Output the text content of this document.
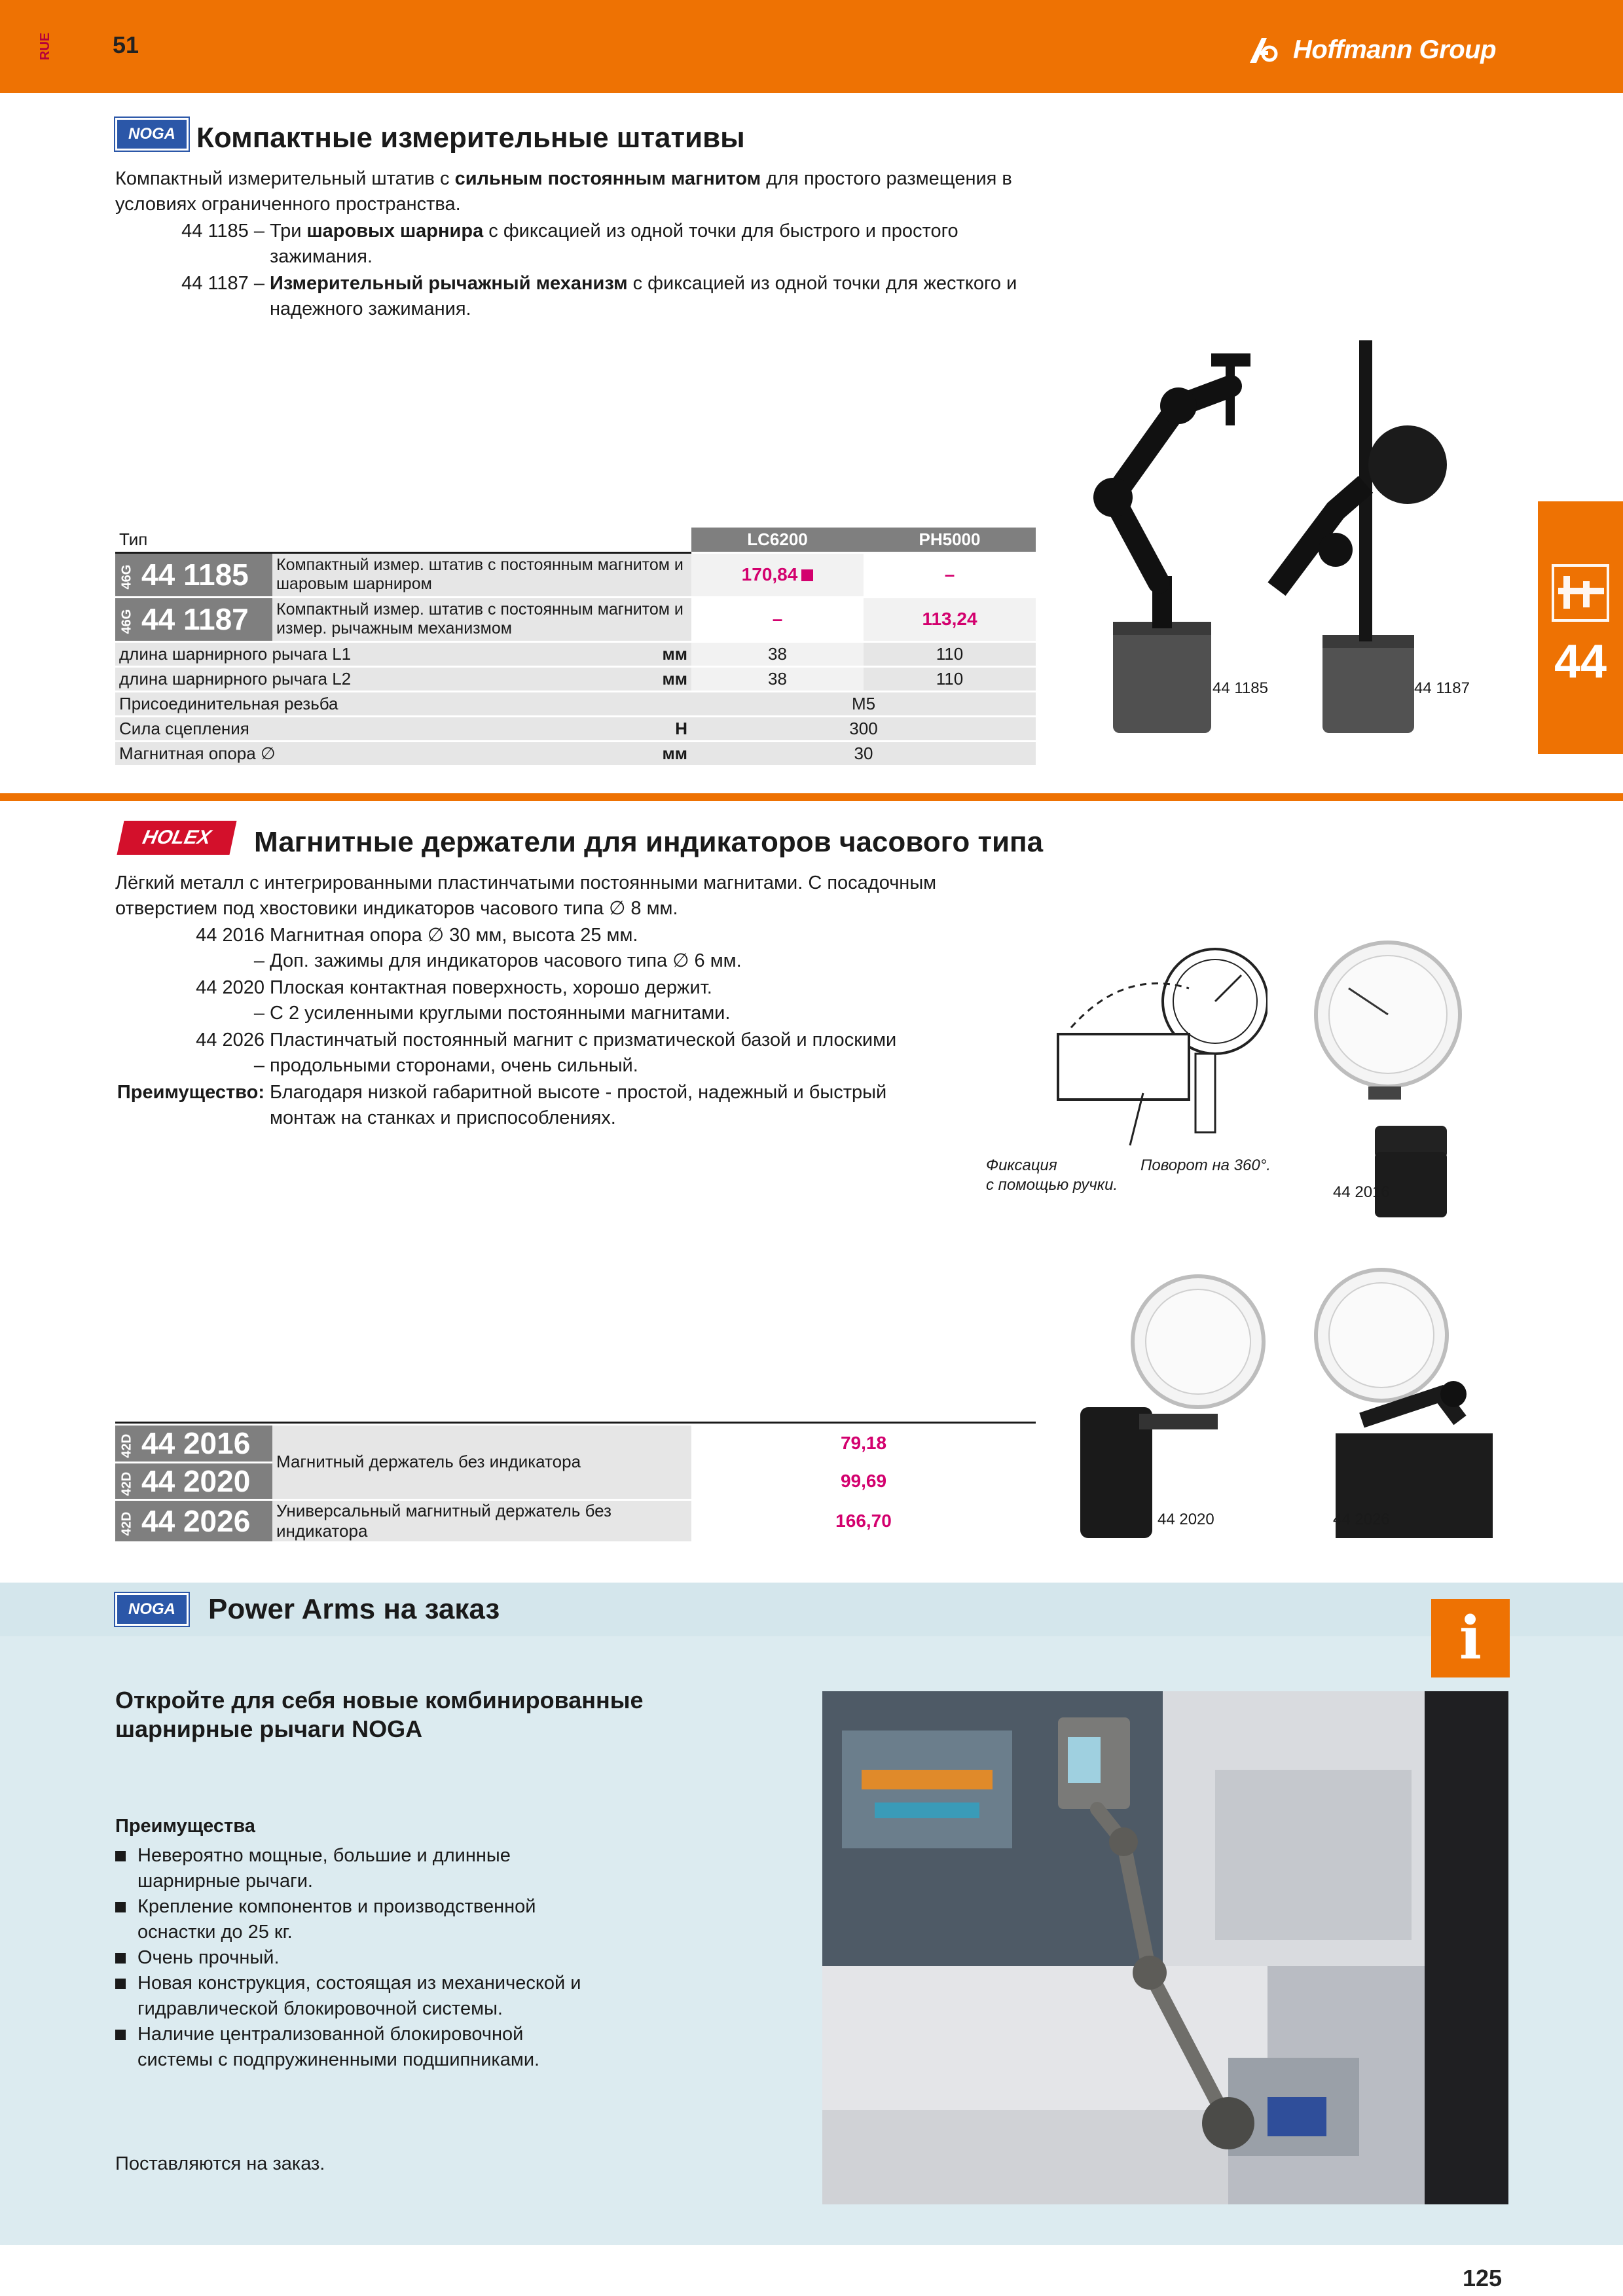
RUE	51	Hoffmann Group
44
NOGA Компактные измерительные штативы
Компактный измерительный штатив с сильным постоянным магнитом для простого размещения в условиях ограниченного пространства.
44 1185 – Три шаровых шарнира с фиксацией из одной точки для быстрого и простого зажимания.
44 1187 – Измерительный рычажный механизм с фиксацией из одной точки для жесткого и надежного зажимания.
44 1185	44 1187
Тип		LC6200	PH5000
46G 44 1185	Компактный измер. штатив с постоянным магнитом и шаровым шарниром	170,84	–
46G 44 1187	Компактный измер. штатив с постоянным магнитом и измер. рычажным механизмом	–	113,24

длина шарнирного рычага L1 мм		38	110

длина шарнирного рычага L2 мм		38	110

Присоединительная резьба		M5	

Сила сцепления Н		300	

Магнитная опора ∅ мм		30	
HOLEX	Магнитные держатели для индикаторов часового типа
Лёгкий металл с интегрированными пластинчатыми постоянными магнитами. С посадочным отверстием под хвостовики индикаторов часового типа ∅ 8 мм.
44 2016 –
Магнитная опора ∅ 30 мм, высота 25 мм.
Доп. зажимы для индикаторов часового типа ∅ 6 мм.
44 2020 –
Плоская контактная поверхность, хорошо держит.
С 2 усиленными круглыми постоянными магнитами.
44 2026 –
Пластинчатый постоянный магнит с призматической базой и плоскими
продольными сторонами, очень сильный.
Преимущество: Благодаря низкой габаритной высоте - простой, надежный и быстрый
монтаж на станках и приспособлениях.
Фиксация
с помощью ручки.
Поворот на 360°.
44 2016
44 2020	44 2026
42D 44 2016	Магнитный держатель без индикатора	79,18
42D 44 2020		99,69
42D 44 2026	Универсальный магнитный держатель без индикатора	166,70
NOGA	Power Arms на заказ	i
Откройте для себя новые комбинированные
шарнирные рычаги NOGA
Преимущества
Невероятно мощные, большие и длинные шарнирные рычаги.
Крепление компонентов и производственной оснастки до 25 кг.
Очень прочный.
Новая конструкция, состоящая из механической и гидравлической блокировочной системы.
Наличие централизованной блокировочной системы с подпружиненными подшипниками.
Поставляются на заказ.
125
